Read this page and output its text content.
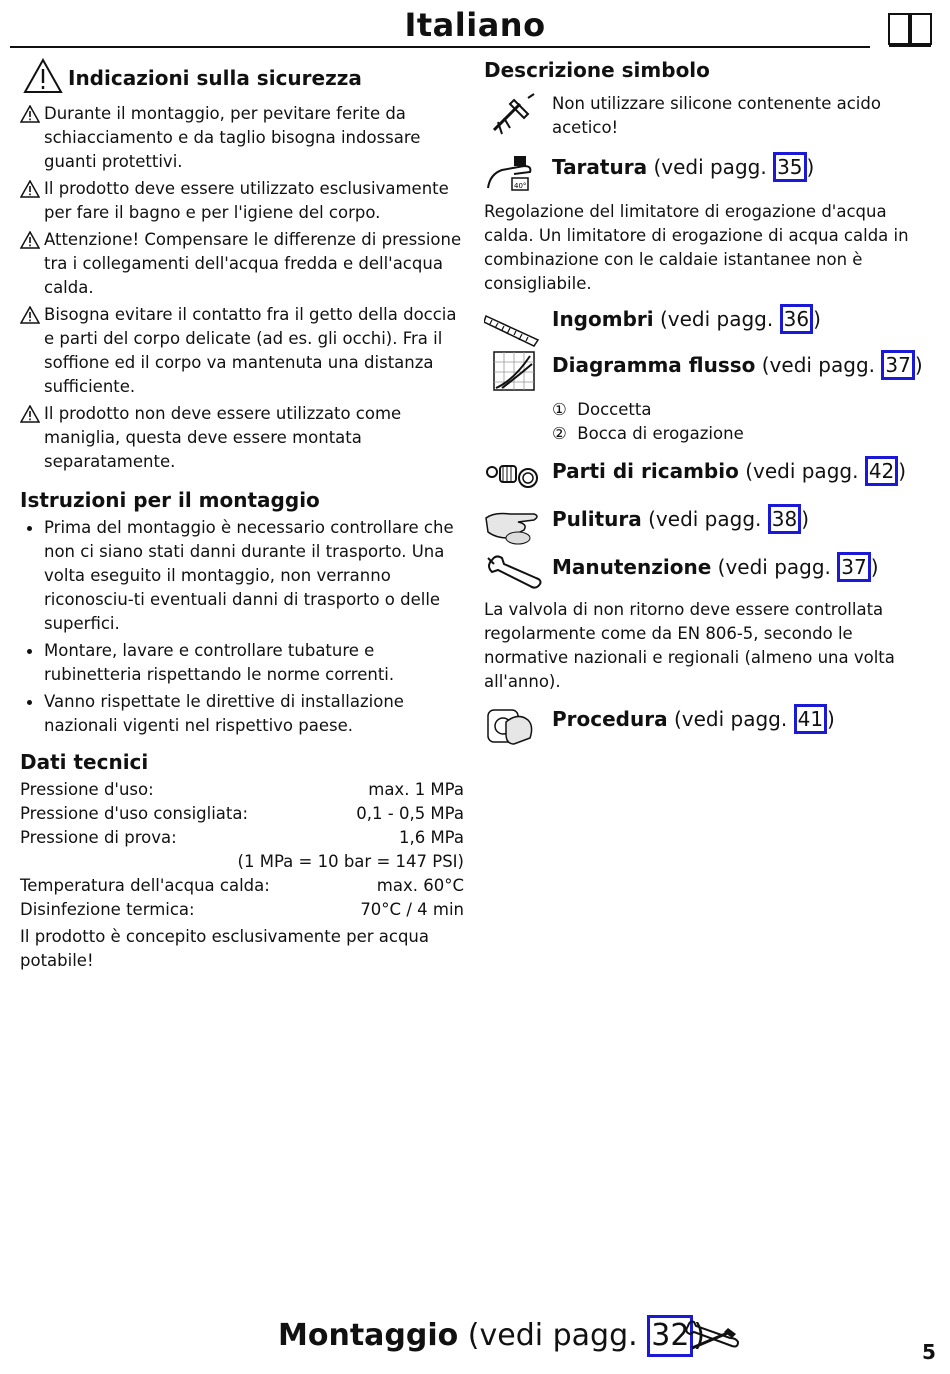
Italiano
Indicazioni sulla sicurezza
Durante il montaggio, per pevitare ferite da schiacciamento e da taglio bisogna indossare guanti protettivi.
Il prodotto deve essere utilizzato esclusivamente per fare il bagno e per l'igiene del corpo.
Attenzione! Compensare le differenze di pressione tra i collegamenti dell'acqua fredda e dell'acqua calda.
Bisogna evitare il contatto fra il getto della doccia e parti del corpo delicate (ad es. gli occhi). Fra il soffione ed il corpo va mantenuta una distanza sufficiente.
Il prodotto non deve essere utilizzato come maniglia, questa deve essere montata separatamente.
Istruzioni per il montaggio
Prima del montaggio è necessario controllare che non ci siano stati danni durante il trasporto. Una volta eseguito il montaggio, non verranno riconosciu-ti eventuali danni di trasporto o delle superfici.
Montare, lavare e controllare tubature e rubinetteria rispettando le norme correnti.
Vanno rispettate le direttive di installazione nazionali vigenti nel rispettivo paese.
Dati tecnici
Pressione d'uso:	max. 1 MPa
Pressione d'uso consigliata:	0,1 - 0,5 MPa
Pressione di prova:	1,6 MPa
(1 MPa = 10 bar = 147 PSI)
Temperatura dell'acqua calda:	max. 60°C
Disinfezione termica:	70°C / 4 min
Il prodotto è concepito esclusivamente per acqua potabile!
Descrizione simbolo
Non utilizzare silicone contenente acido acetico!
40°
Taratura (vedi pagg. 35 )
Regolazione del limitatore di erogazione d'acqua calda. Un limitatore di erogazione di acqua calda in combinazione con le caldaie istantanee non è consigliabile.
Ingombri (vedi pagg. 36 )
Diagramma flusso (vedi pagg. 37 )
① Doccetta
② Bocca di erogazione
Parti di ricambio (vedi pagg. 42 )
Pulitura (vedi pagg. 38 )
Manutenzione (vedi pagg. 37 )
La valvola di non ritorno deve essere controllata regolarmente come da EN 806-5, secondo le normative nazionali e regionali (almeno una volta all'anno).
Procedura (vedi pagg. 41 )
Montaggio (vedi pagg. 32 )	5
